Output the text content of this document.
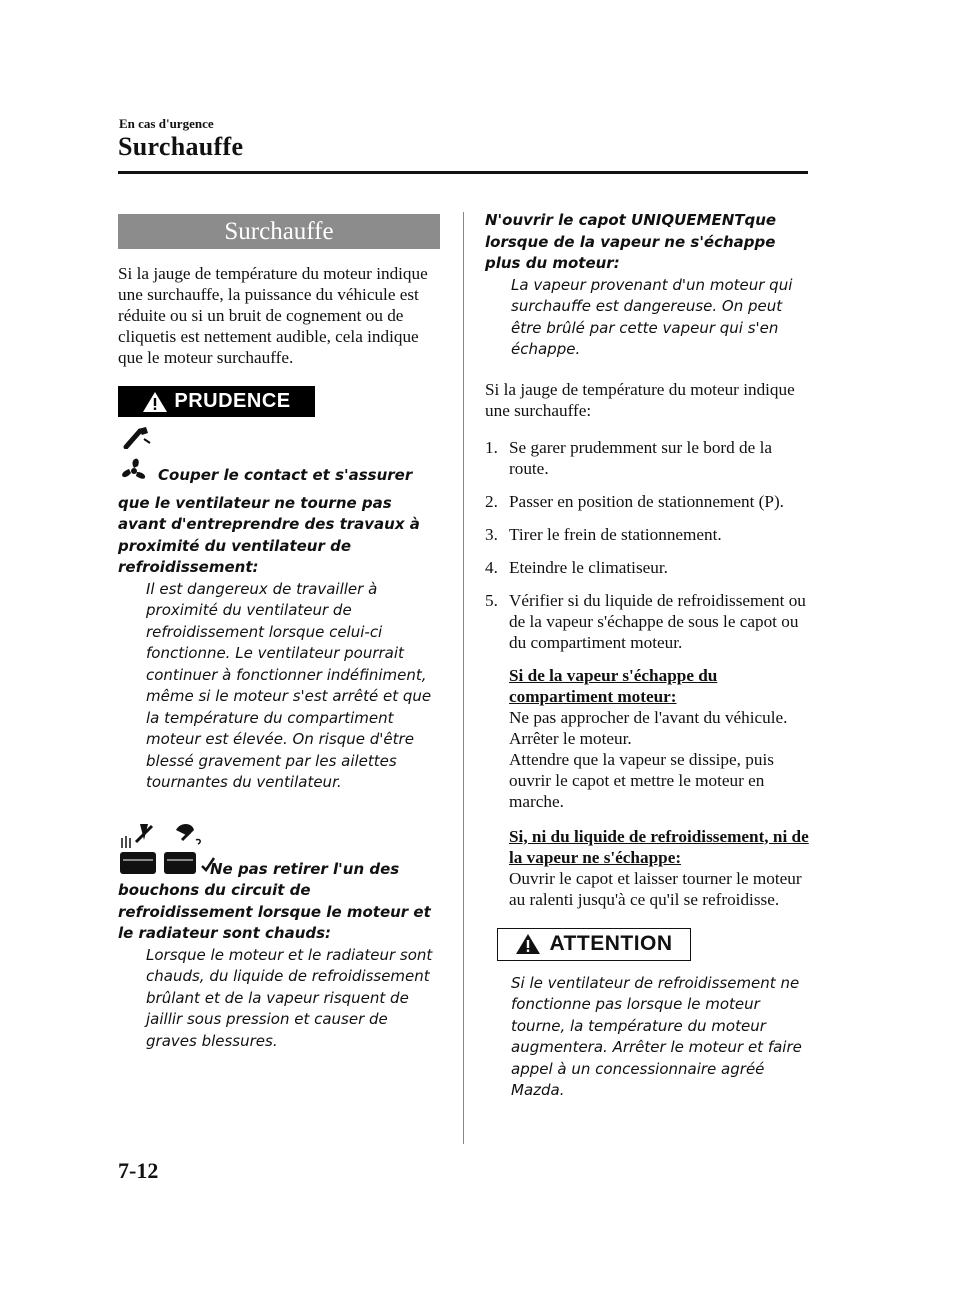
En cas d'urgence
Surchauffe
Surchauffe

Si la jauge de température du moteur indique une surchauffe, la puissance du véhicule est réduite ou si un bruit de cognement ou de cliquetis est nettement audible, cela indique que le moteur surchauffe.

PRUDENCE

Couper le contact et s'assurer que le ventilateur ne tourne pas avant d'entreprendre des travaux à proximité du ventilateur de refroidissement:

Il est dangereux de travailler à proximité du ventilateur de refroidissement lorsque celui-ci fonctionne. Le ventilateur pourrait continuer à fonctionner indéfiniment, même si le moteur s'est arrêté et que la température du compartiment moteur est élevée. On risque d'être blessé gravement par les ailettes tournantes du ventilateur.

Ne pas retirer l'un des bouchons du circuit de refroidissement lorsque le moteur et le radiateur sont chauds:

Lorsque le moteur et le radiateur sont chauds, du liquide de refroidissement brûlant et de la vapeur risquent de jaillir sous pression et causer de graves blessures.

N'ouvrir le capot UNIQUEMENTque lorsque de la vapeur ne s'échappe plus du moteur:

La vapeur provenant d'un moteur qui surchauffe est dangereuse. On peut être brûlé par cette vapeur qui s'en échappe.

Si la jauge de température du moteur indique une surchauffe:

1. Se garer prudemment sur le bord de la route.
2. Passer en position de stationnement (P).
3. Tirer le frein de stationnement.
4. Eteindre le climatiseur.
5. Vérifier si du liquide de refroidissement ou de la vapeur s'échappe de sous le capot ou du compartiment moteur.
Si de la vapeur s'échappe du compartiment moteur:
Ne pas approcher de l'avant du véhicule. Arrêter le moteur.
Attendre que la vapeur se dissipe, puis ouvrir le capot et mettre le moteur en marche.
Si, ni du liquide de refroidissement, ni de la vapeur ne s'échappe:
Ouvrir le capot et laisser tourner le moteur au ralenti jusqu'à ce qu'il se refroidisse.
ATTENTION

Si le ventilateur de refroidissement ne fonctionne pas lorsque le moteur tourne, la température du moteur augmentera. Arrêter le moteur et faire appel à un concessionnaire agréé Mazda.

7-12
